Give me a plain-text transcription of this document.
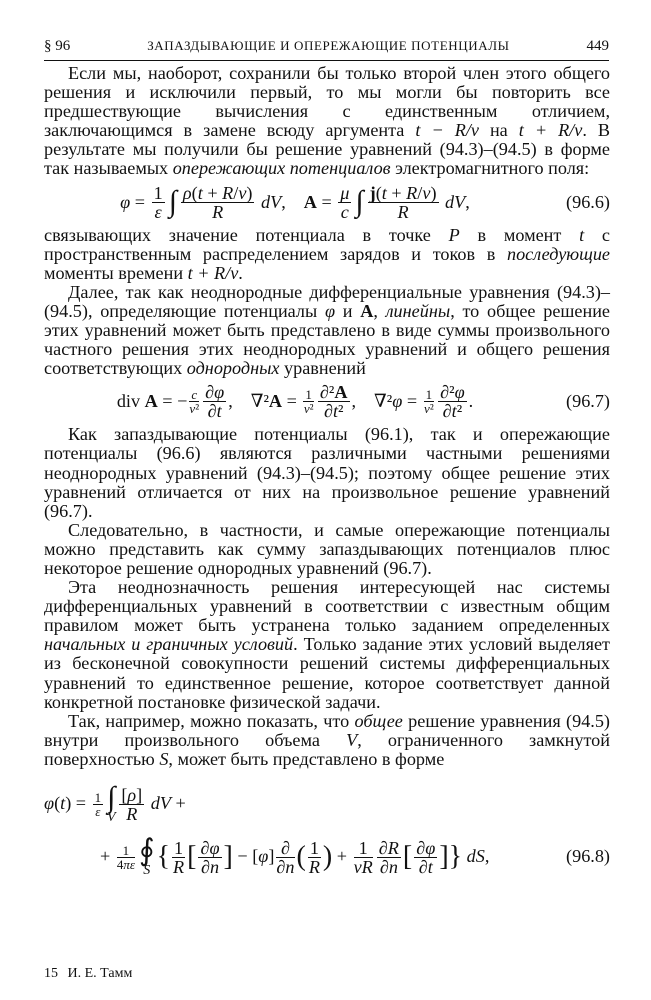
§ 96	ЗАПАЗДЫВАЮЩИЕ И ОПЕРЕЖАЮЩИЕ ПОТЕНЦИАЛЫ	449

Если мы, наоборот, сохранили бы только второй член этого общего решения и исключили первый, то мы могли бы повторить все предшествующие вычисления с единственным отличием, заключающимся в замене всюду аргумента t − R/v на t + R/v. В результате мы получили бы решение уравнений (94.3)–(94.5) в форме так называемых опережающих потенциалов электромагнитного поля:

$\varphi = \frac{1}{\varepsilon}$ ∫ $\frac{\rho(t + R/v)}{R}$
dV , $A = \frac{\mu}{c}$ ∫ $\frac{j(t + R/v)}{R}$
dV ,	(96.6)

связывающих значение потенциала в точке P в момент t с пространственным распределением зарядов и токов в последующие моменты времени t + R/v.

Далее, так как неоднородные дифференциальные уравнения (94.3)–(94.5), определяющие потенциалы φ и A, линейны, то общее решение этих уравнений может быть представлено в виде суммы произвольного частного решения этих неоднородных уравнений и общего решения соответствующих однородных уравнений

div A = − $\frac{c}{\text{v²}} \frac{\partial\varphi}{\partial t}$ , ∇² $A = \frac{1}{\text{v²}} \frac{\text{∂²A}}{\text{∂t²}}$ , ∇² $\varphi = \frac{1}{\text{v²}} \frac{\text{∂²φ}}{\text{∂t²}}$ .	(96.7)

Как запаздывающие потенциалы (96.1), так и опережающие потенциалы (96.6) являются различными частными решениями неоднородных уравнений (94.3)–(94.5); поэтому общее решение этих уравнений отличается от них на произвольное решение уравнений (96.7).

Следовательно, в частности, и самые опережающие потенциалы можно представить как сумму запаздывающих потенциалов плюс некоторое решение однородных уравнений (96.7).

Эта неоднозначность решения интересующей нас системы дифференциальных уравнений в соответствии с известным общим правилом может быть устранена только заданием определенных начальных и граничных условий. Только задание этих условий выделяет из бесконечной совокупности решений системы дифференциальных уравнений то единственное решение, которое соответствует данной конкретной постановке физической задачи.

Так, например, можно показать, что общее решение уравнения (94.5) внутри произвольного объема V, ограниченного замкнутой поверхностью S, может быть представлено в форме

φ ( t ) = $\frac{1}{\varepsilon}$ ∫
V $\frac{[\rho]}{R}$
dV +
+ $\frac{1}{4\pi\varepsilon}$ ∮
S { $\frac{1}{R}$ [ $\frac{\partial\varphi}{\partial n}$ ] − [ φ ] $\frac{\partial}{\partial n}$ ( $\frac{1}{R}$ ) + $\frac{1}{vR} \frac{\partial R}{\partial n}$ [ $\frac{\partial\varphi}{\partial t}$ ] }
dS ,	(96.8)
15 И. Е. Тамм
